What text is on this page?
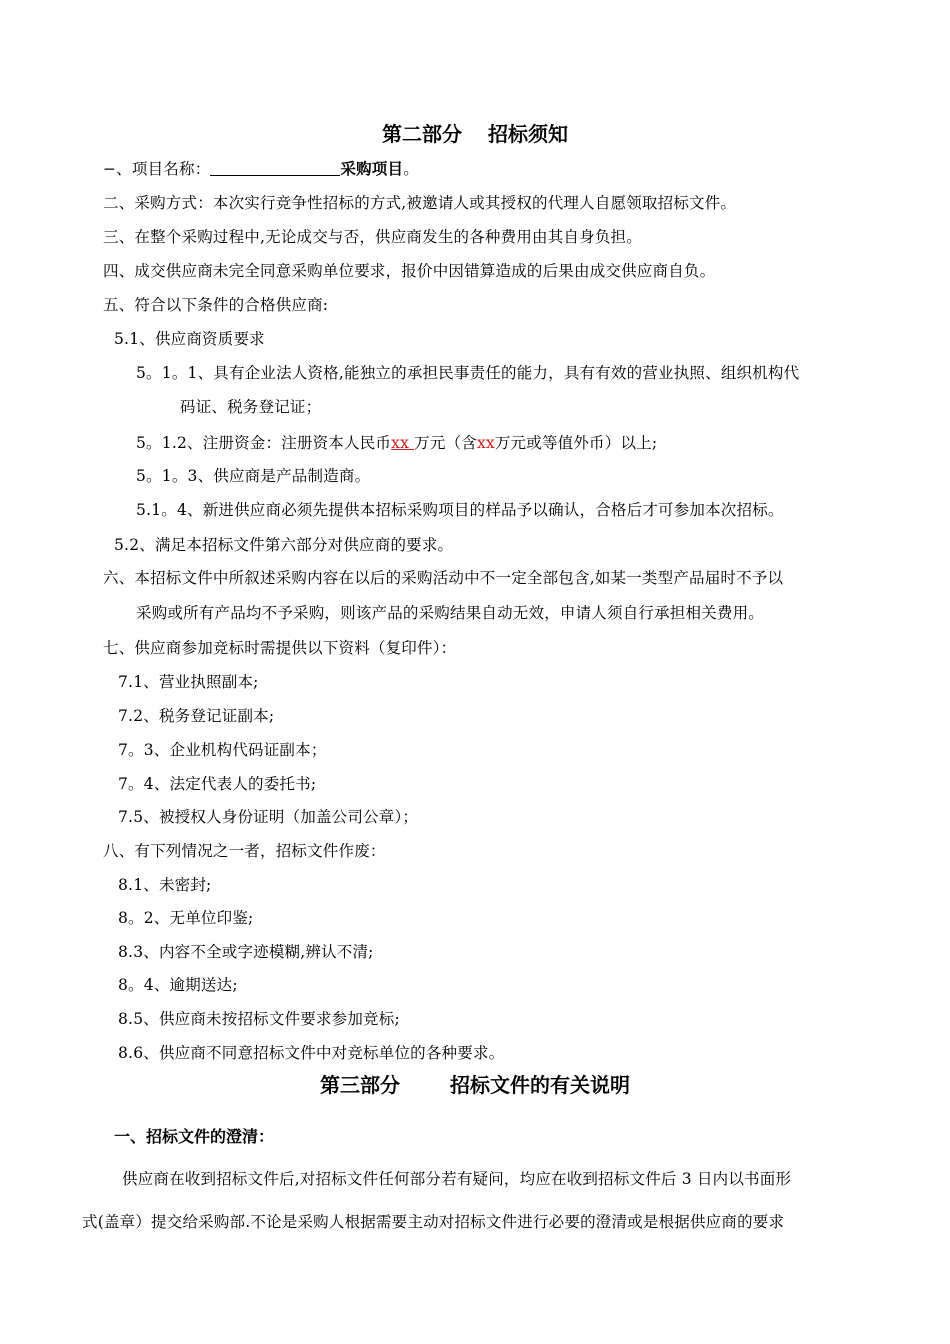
第二部分 招标须知
−、项目名称：	采购项目。
二、采购方式：本次实行竞争性招标的方式,被邀请人或其授权的代理人自愿领取招标文件。
三、在整个采购过程中,无论成交与否，供应商发生的各种费用由其自身负担。
四、成交供应商未完全同意采购单位要求，报价中因错算造成的后果由成交供应商自负。
五、符合以下条件的合格供应商:
5.1、供应商资质要求
5。1。1、具有企业法人资格,能独立的承担民事责任的能力，具有有效的营业执照、组织机构代
码证、税务登记证；
5。1.2、注册资金：注册资本人民币xx 万元（含xx万元或等值外币）以上;
5。1。3、供应商是产品制造商。
5.1。4、新进供应商必须先提供本招标采购项目的样品予以确认，合格后才可参加本次招标。
5.2、满足本招标文件第六部分对供应商的要求。
六、本招标文件中所叙述采购内容在以后的采购活动中不一定全部包含,如某一类型产品届时不予以
采购或所有产品均不予采购，则该产品的采购结果自动无效，申请人须自行承担相关费用。
七、供应商参加竞标时需提供以下资料（复印件）：
7.1、营业执照副本;
7.2、税务登记证副本;
7。3、企业机构代码证副本；
7。4、法定代表人的委托书;
7.5、被授权人身份证明（加盖公司公章）；
八、有下列情况之一者，招标文件作废：
8.1、未密封;
8。2、无单位印鉴;
8.3、内容不全或字迹模糊,辨认不清;
8。4、逾期送达;
8.5、供应商未按招标文件要求参加竞标;
8.6、供应商不同意招标文件中对竞标单位的各种要求。
第三部分	招标文件的有关说明
一、招标文件的澄清：
供应商在收到招标文件后,对招标文件任何部分若有疑问，均应在收到招标文件后 3 日内以书面形
式(盖章）提交给采购部.不论是采购人根据需要主动对招标文件进行必要的澄清或是根据供应商的要求
